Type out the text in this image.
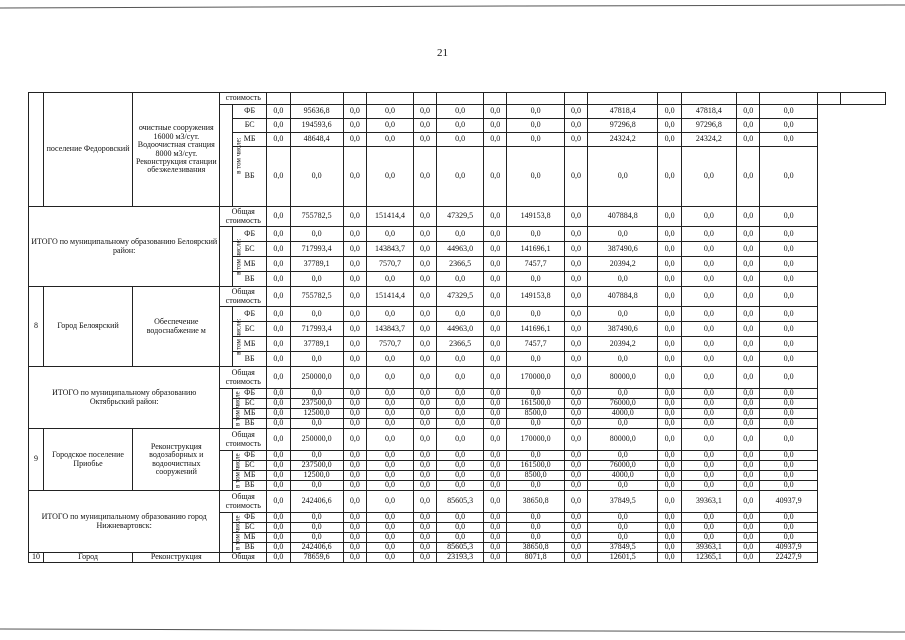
21
	поселение Федоровский	очистные сооружения 16000 м3/сут. Водоочистная станция 8000 м3/сут. Реконструкция станции обезжелезивания	стоимость																	
			в том числе:	ФБ	0,0	95636,8	0,0	0,0	0,0	0,0	0,0	0,0	0,0	47818,4	0,0	47818,4	0,0	0,0		
				БС	0,0	194593,6	0,0	0,0	0,0	0,0	0,0	0,0	0,0	97296,8	0,0	97296,8	0,0	0,0		
				МБ	0,0	48648,4	0,0	0,0	0,0	0,0	0,0	0,0	0,0	24324,2	0,0	24324,2	0,0	0,0		
				ВБ	0,0	0,0	0,0	0,0	0,0	0,0	0,0	0,0	0,0	0,0	0,0	0,0	0,0	0,0		
ИТОГО по муниципальному образованию Белоярский район:			Общая стоимость		0,0	755782,5	0,0	151414,4	0,0	47329,5	0,0	149153,8	0,0	407884,8	0,0	0,0	0,0	0,0		
			в том числе:	ФБ	0,0	0,0	0,0	0,0	0,0	0,0	0,0	0,0	0,0	0,0	0,0	0,0	0,0	0,0		
				БС	0,0	717993,4	0,0	143843,7	0,0	44963,0	0,0	141696,1	0,0	387490,6	0,0	0,0	0,0	0,0		
				МБ	0,0	37789,1	0,0	7570,7	0,0	2366,5	0,0	7457,7	0,0	20394,2	0,0	0,0	0,0	0,0		
				ВБ	0,0	0,0	0,0	0,0	0,0	0,0	0,0	0,0	0,0	0,0	0,0	0,0	0,0	0,0		
8	Город Белоярский	Обеспечение водоснабжение м	Общая стоимость		0,0	755782,5	0,0	151414,4	0,0	47329,5	0,0	149153,8	0,0	407884,8	0,0	0,0	0,0	0,0		
			в том числе:	ФБ	0,0	0,0	0,0	0,0	0,0	0,0	0,0	0,0	0,0	0,0	0,0	0,0	0,0	0,0		
				БС	0,0	717993,4	0,0	143843,7	0,0	44963,0	0,0	141696,1	0,0	387490,6	0,0	0,0	0,0	0,0		
				МБ	0,0	37789,1	0,0	7570,7	0,0	2366,5	0,0	7457,7	0,0	20394,2	0,0	0,0	0,0	0,0		
				ВБ	0,0	0,0	0,0	0,0	0,0	0,0	0,0	0,0	0,0	0,0	0,0	0,0	0,0	0,0		
ИТОГО по муниципальному образованию Октябрьский район:			Общая стоимость		0,0	250000,0	0,0	0,0	0,0	0,0	0,0	170000,0	0,0	80000,0	0,0	0,0	0,0	0,0		
			в том числе	ФБ	0,0	0,0	0,0	0,0	0,0	0,0	0,0	0,0	0,0	0,0	0,0	0,0	0,0	0,0		
				БС	0,0	237500,0	0,0	0,0	0,0	0,0	0,0	161500,0	0,0	76000,0	0,0	0,0	0,0	0,0		
				МБ	0,0	12500,0	0,0	0,0	0,0	0,0	0,0	8500,0	0,0	4000,0	0,0	0,0	0,0	0,0		
				ВБ	0,0	0,0	0,0	0,0	0,0	0,0	0,0	0,0	0,0	0,0	0,0	0,0	0,0	0,0		
9	Городское поселение Приобье	Реконструкция водозаборных и водоочистных сооружений	Общая стоимость		0,0	250000,0	0,0	0,0	0,0	0,0	0,0	170000,0	0,0	80000,0	0,0	0,0	0,0	0,0		
			в том числе	ФБ	0,0	0,0	0,0	0,0	0,0	0,0	0,0	0,0	0,0	0,0	0,0	0,0	0,0	0,0		
				БС	0,0	237500,0	0,0	0,0	0,0	0,0	0,0	161500,0	0,0	76000,0	0,0	0,0	0,0	0,0		
				МБ	0,0	12500,0	0,0	0,0	0,0	0,0	0,0	8500,0	0,0	4000,0	0,0	0,0	0,0	0,0		
				ВБ	0,0	0,0	0,0	0,0	0,0	0,0	0,0	0,0	0,0	0,0	0,0	0,0	0,0	0,0		
ИТОГО по муниципальному образованию город Нижневартовск:			Общая стоимость		0,0	242406,6	0,0	0,0	0,0	85605,3	0,0	38650,8	0,0	37849,5	0,0	39363,1	0,0	40937,9		
			в том числе	ФБ	0,0	0,0	0,0	0,0	0,0	0,0	0,0	0,0	0,0	0,0	0,0	0,0	0,0	0,0		
				БС	0,0	0,0	0,0	0,0	0,0	0,0	0,0	0,0	0,0	0,0	0,0	0,0	0,0	0,0		
				МБ	0,0	0,0	0,0	0,0	0,0	0,0	0,0	0,0	0,0	0,0	0,0	0,0	0,0	0,0		
				ВБ	0,0	242406,6	0,0	0,0	0,0	85605,3	0,0	38650,8	0,0	37849,5	0,0	39363,1	0,0	40937,9		
10	Город	Реконструкция	Общая		0,0	78659,6	0,0	0,0	0,0	23193,3	0,0	8071,8	0,0	12601,5	0,0	12365,1	0,0	22427,9		
